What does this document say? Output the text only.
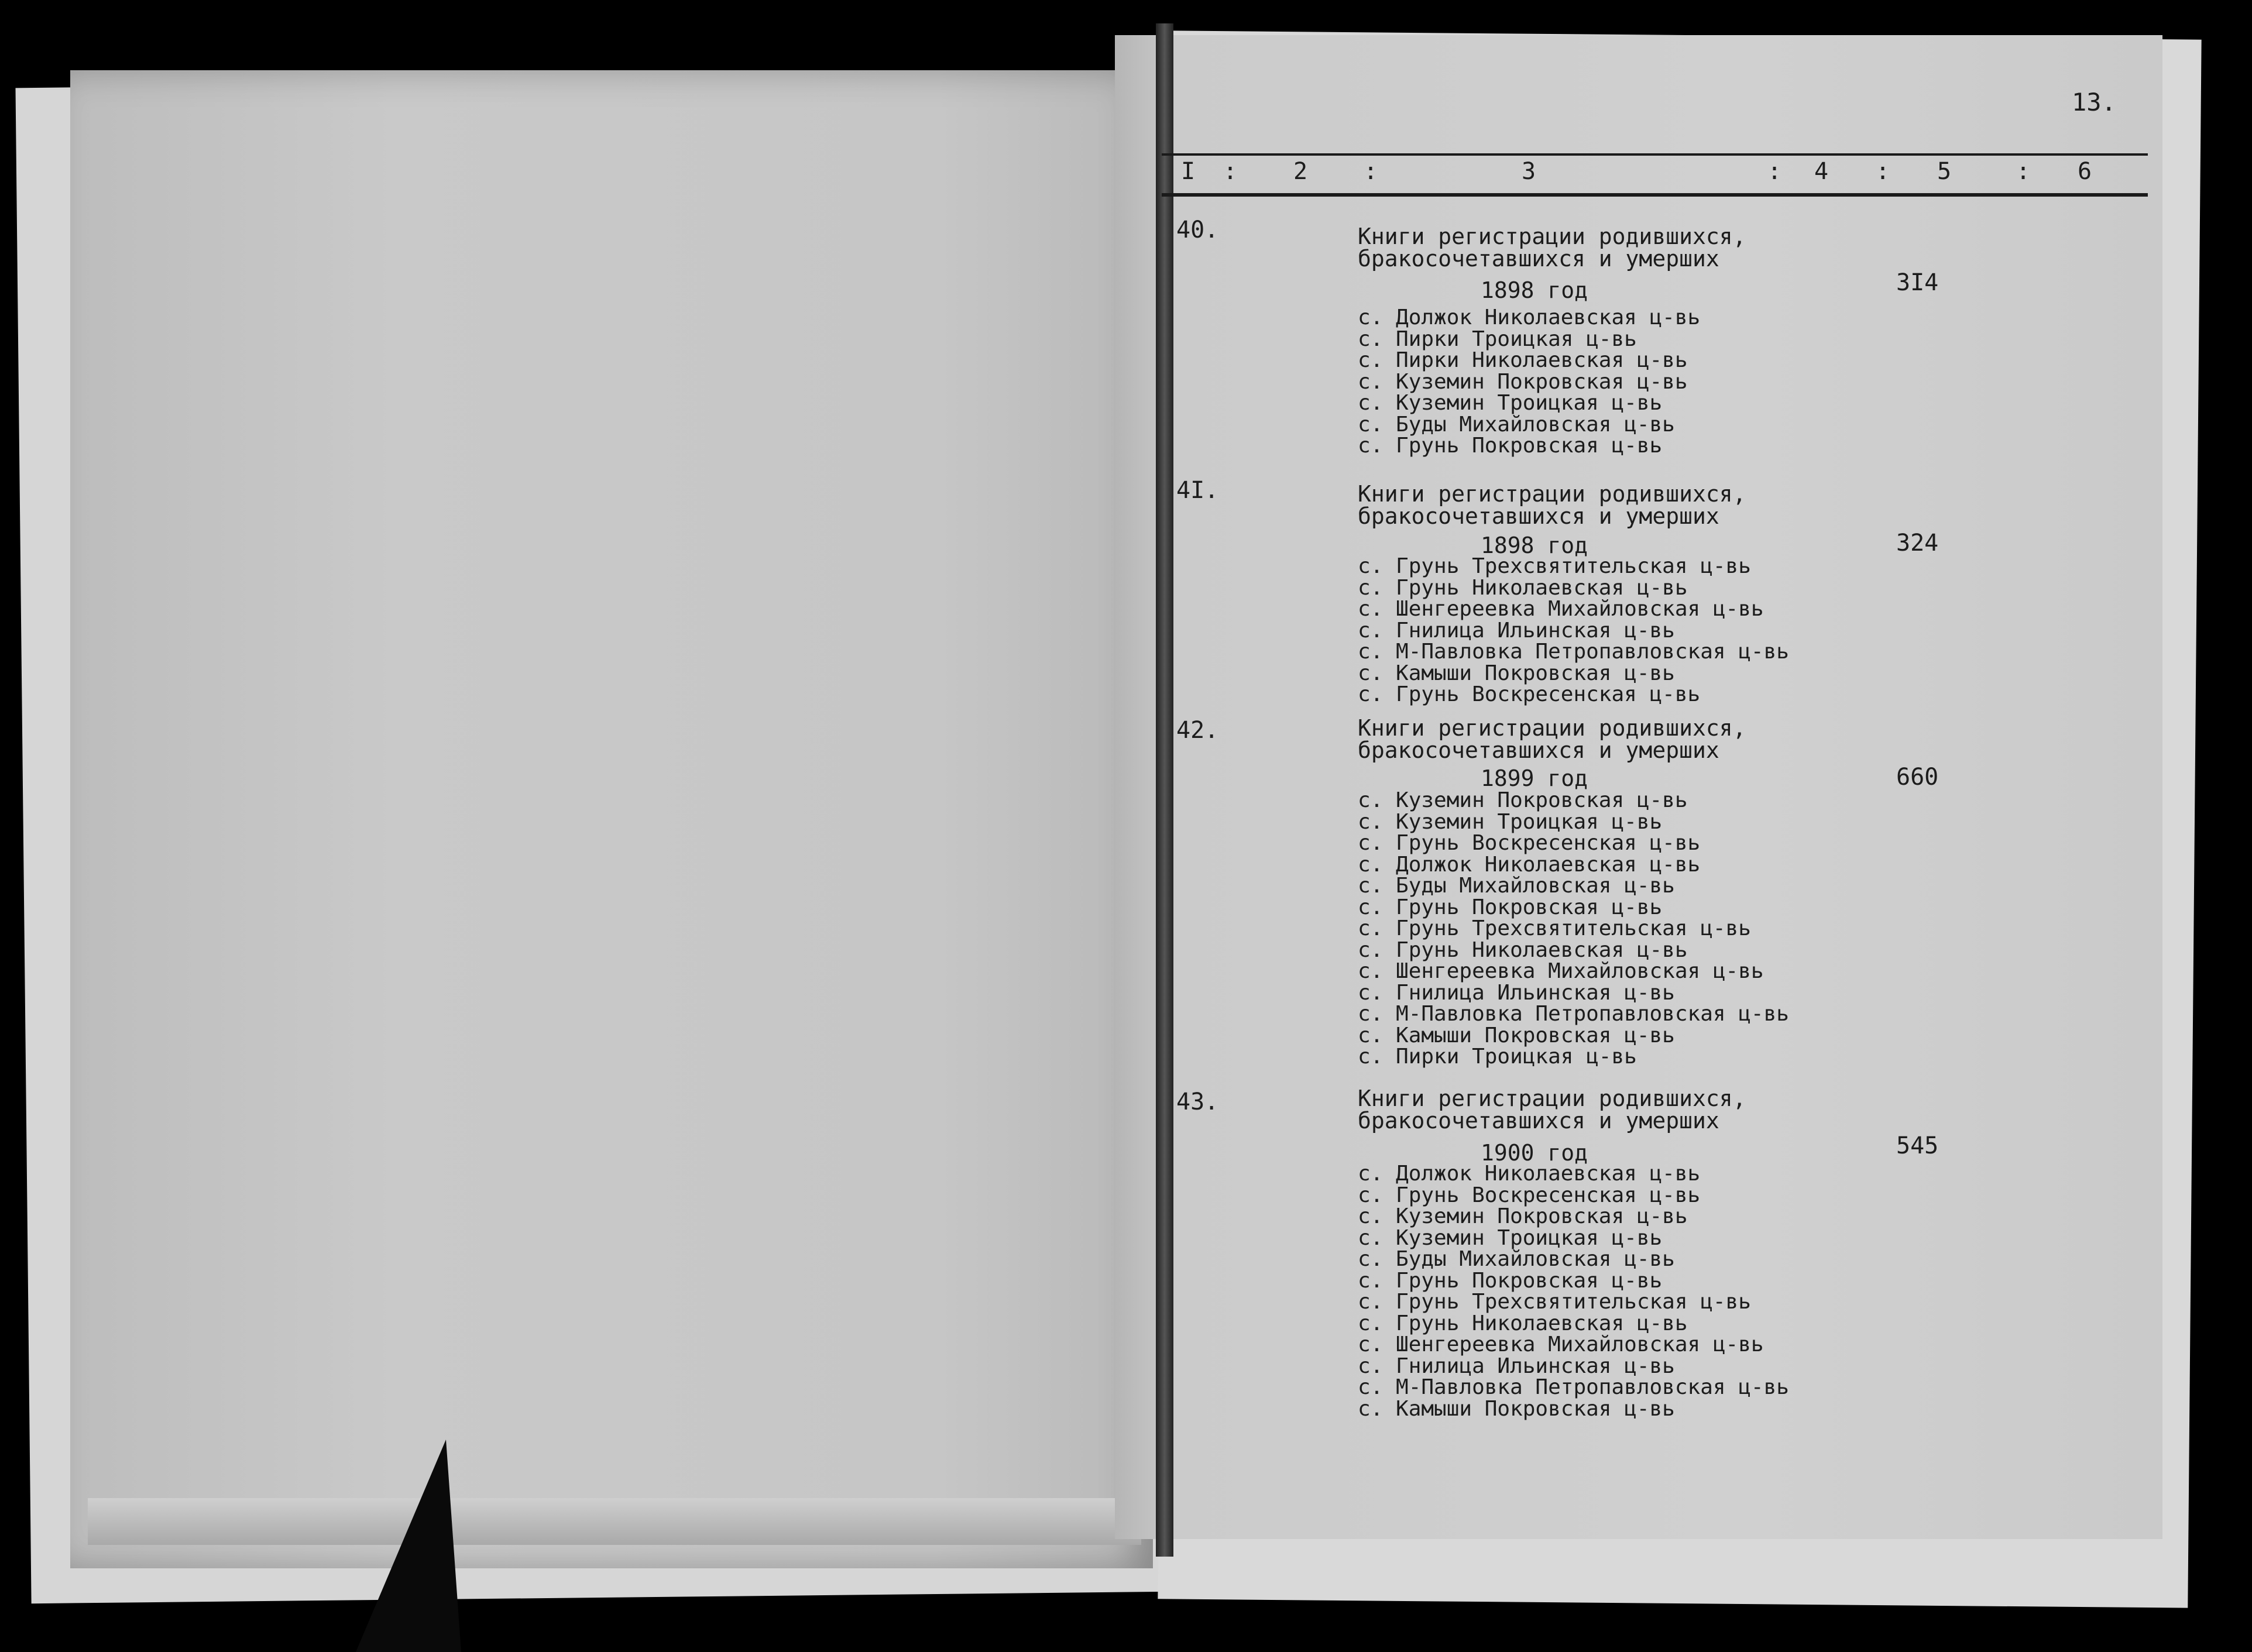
13.
I : 2 :	3	: 4 : 5	: 6
40.	Книги регистрации родившихся,
бракосочетавшихся и умерших
1898 год	3I4
с. Должок Николаевская ц-вь
с. Пирки Троицкая ц-вь
с. Пирки Николаевская ц-вь
с. Куземин Покровская ц-вь
с. Куземин Троицкая ц-вь
с. Буды Михайловская ц-вь
с. Грунь Покровская ц-вь
4I.	Книги регистрации родившихся,
бракосочетавшихся и умерших
1898 год	324
с. Грунь Трехсвятительская ц-вь
с. Грунь Николаевская ц-вь
с. Шенгереевка Михайловская ц-вь
с. Гнилица Ильинская ц-вь
с. М-Павловка Петропавловская ц-вь
с. Камыши Покровская ц-вь
с. Грунь Воскресенская ц-вь
42.	Книги регистрации родившихся,
бракосочетавшихся и умерших
1899 год	660
с. Куземин Покровская ц-вь
с. Куземин Троицкая ц-вь
с. Грунь Воскресенская ц-вь
с. Должок Николаевская ц-вь
с. Буды Михайловская ц-вь
с. Грунь Покровская ц-вь
с. Грунь Трехсвятительская ц-вь
с. Грунь Николаевская ц-вь
с. Шенгереевка Михайловская ц-вь
с. Гнилица Ильинская ц-вь
с. М-Павловка Петропавловская ц-вь
с. Камыши Покровская ц-вь
с. Пирки Троицкая ц-вь
43.	Книги регистрации родившихся,
бракосочетавшихся и умерших
1900 год	545
с. Должок Николаевская ц-вь
с. Грунь Воскресенская ц-вь
с. Куземин Покровская ц-вь
с. Куземин Троицкая ц-вь
с. Буды Михайловская ц-вь
с. Грунь Покровская ц-вь
с. Грунь Трехсвятительская ц-вь
с. Грунь Николаевская ц-вь
с. Шенгереевка Михайловская ц-вь
с. Гнилица Ильинская ц-вь
с. М-Павловка Петропавловская ц-вь
с. Камыши Покровская ц-вь
